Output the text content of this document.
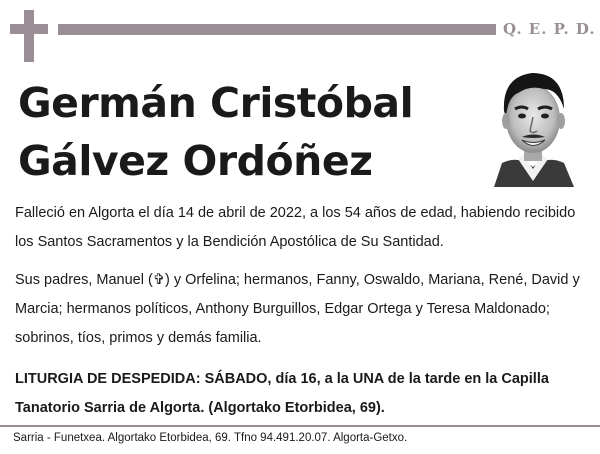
Q. E. P. D.
Germán Cristóbal
Gálvez Ordóñez
Falleció en Algorta el día 14 de abril de 2022, a los 54 años de edad, habiendo recibido los Santos Sacramentos y la Bendición Apostólica de Su Santidad.
Sus padres, Manuel (✞) y Orfelina; hermanos, Fanny, Oswaldo, Mariana, René, David y Marcia; hermanos políticos, Anthony Burguillos, Edgar Ortega y Teresa Maldonado; sobrinos, tíos, primos y demás familia.
LITURGIA DE DESPEDIDA: SÁBADO, día 16, a la UNA de la tarde en la Capilla Tanatorio Sarria de Algorta. (Algortako Etorbidea, 69).
Sarria - Funetxea. Algortako Etorbidea, 69. Tfno 94.491.20.07. Algorta-Getxo.
